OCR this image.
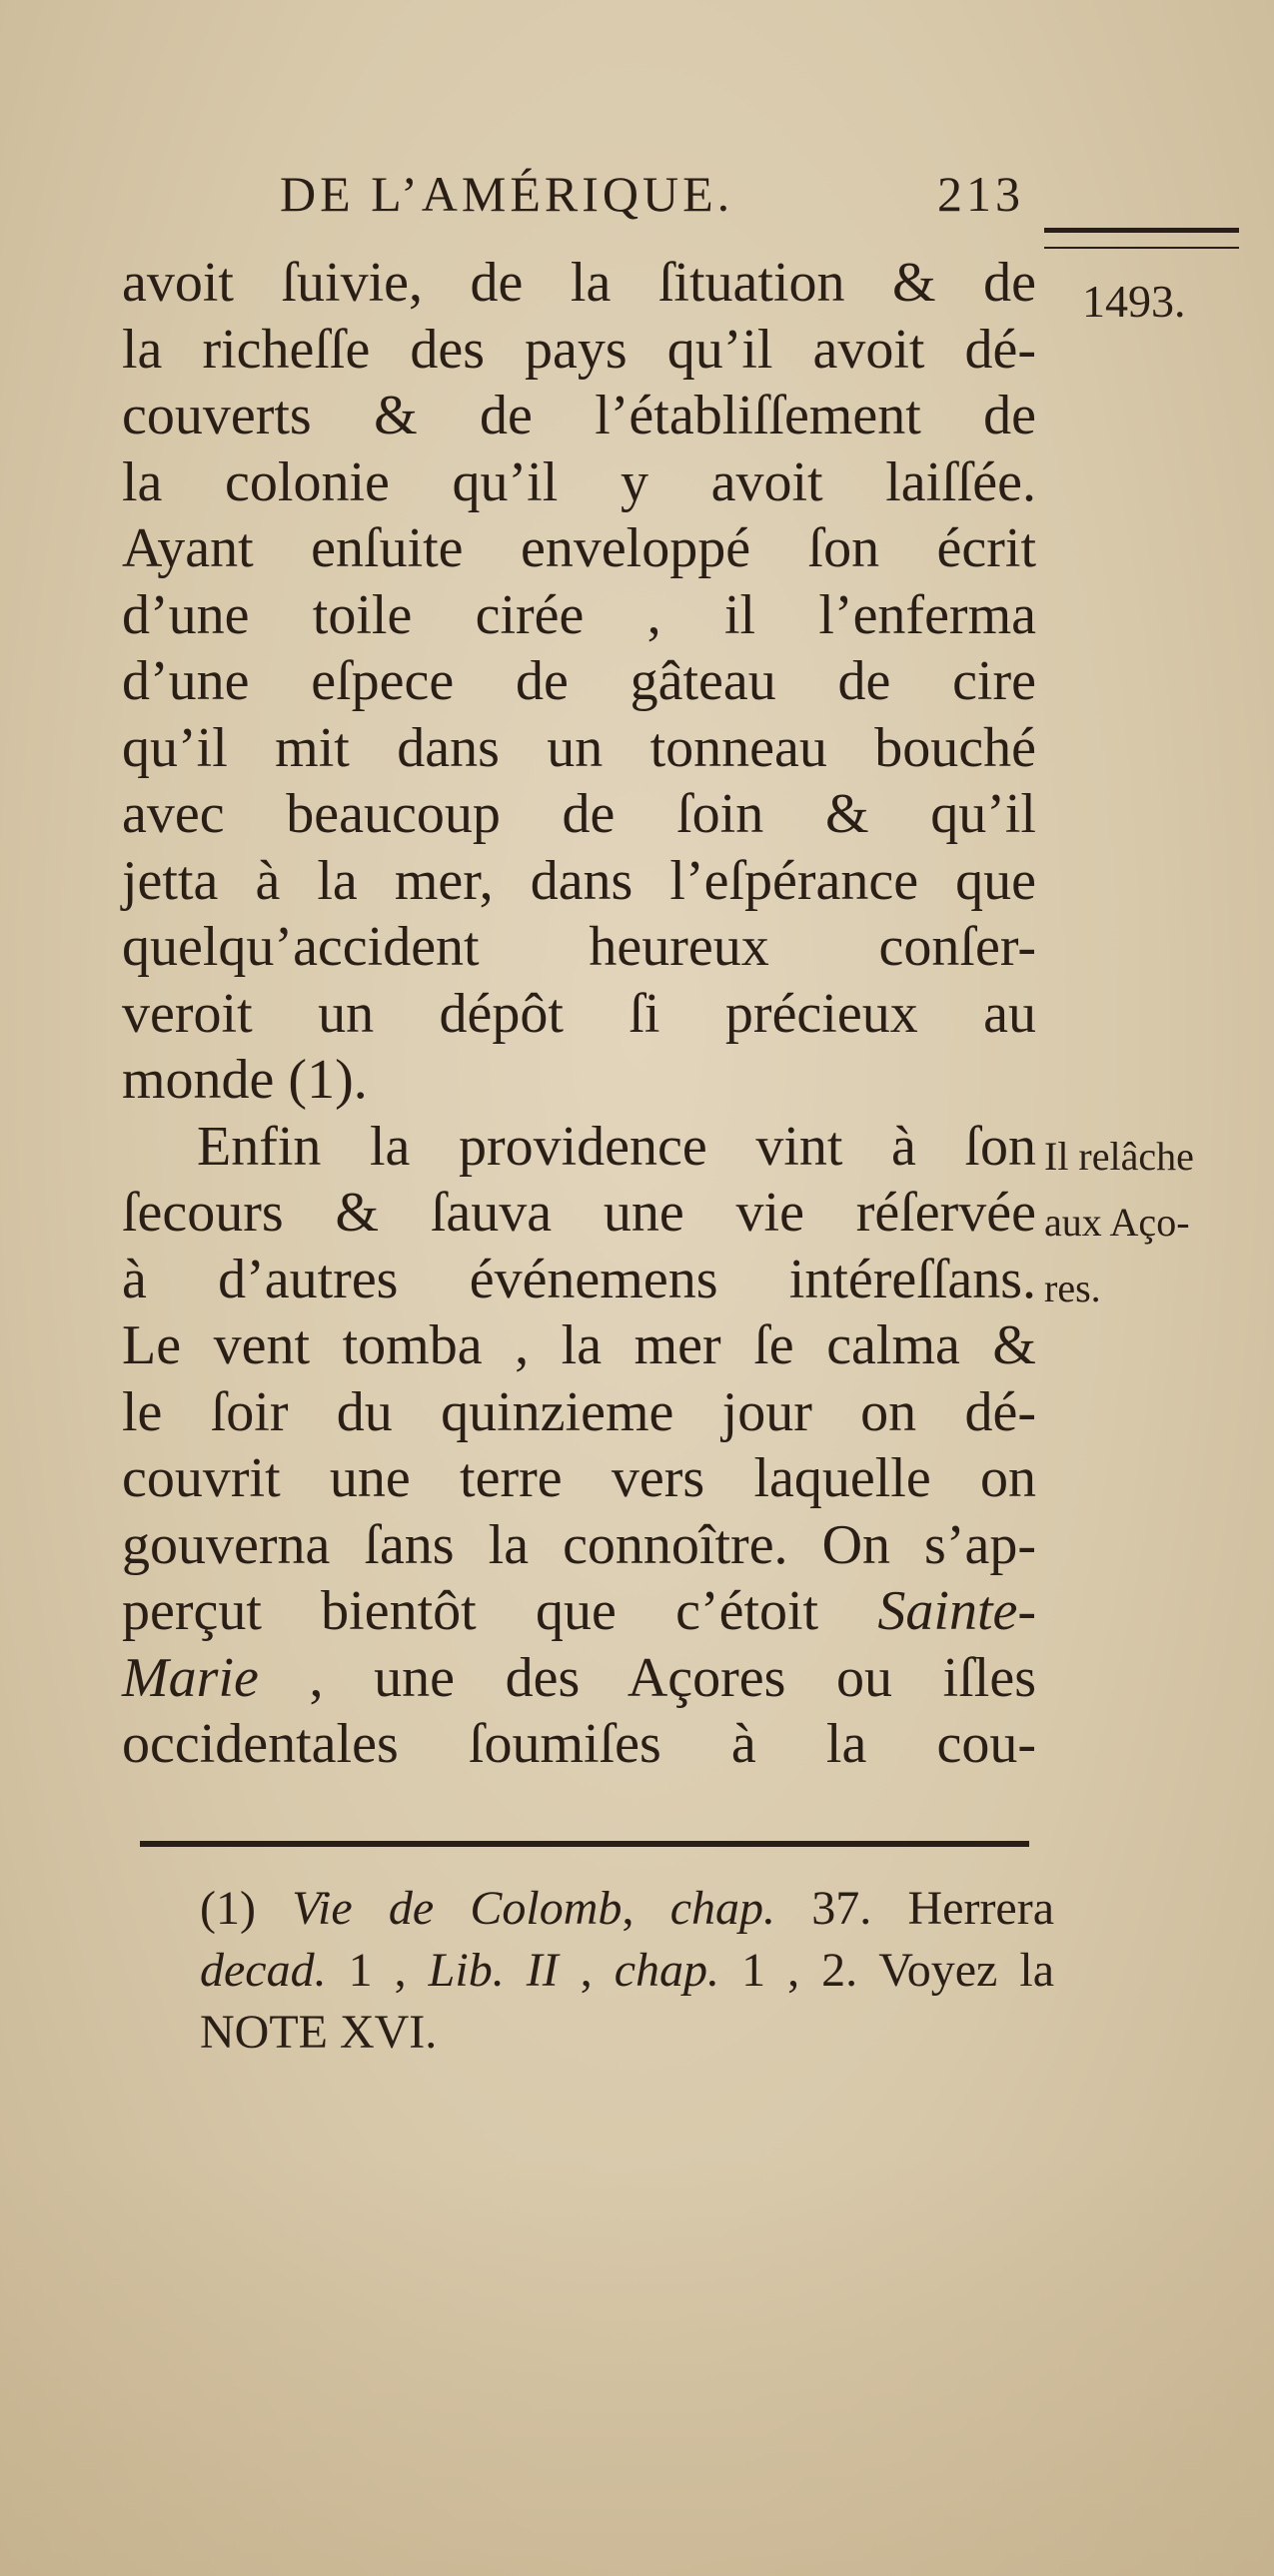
DE L’AMÉRIQUE.	213
1493.
avoit ſuivie, de la ſituation & de
la richeſſe des pays qu’il avoit dé-
couverts & de l’établiſſement de
la colonie qu’il y avoit laiſſée.
Ayant enſuite enveloppé ſon écrit
d’une toile cirée , il l’enferma
d’une eſpece de gâteau de cire
qu’il mit dans un tonneau bouché
avec beaucoup de ſoin & qu’il
jetta à la mer, dans l’eſpérance que
quelqu’accident heureux conſer-
veroit un dépôt ſi précieux au
monde (1).
Enfin la providence vint à ſon
ſecours & ſauva une vie réſervée
à d’autres événemens intéreſſans.
Le vent tomba , la mer ſe calma &
le ſoir du quinzieme jour on dé-
couvrit une terre vers laquelle on
gouverna ſans la connoître. On s’ap-
perçut bientôt que c’étoit Sainte-
Marie , une des Açores ou iſles
occidentales ſoumiſes à la cou-
Il relâche
aux Aço-
res.
(1) Vie de Colomb, chap. 37. Herrera
decad. 1 , Lib. II , chap. 1 , 2. Voyez la
NOTE XVI.
